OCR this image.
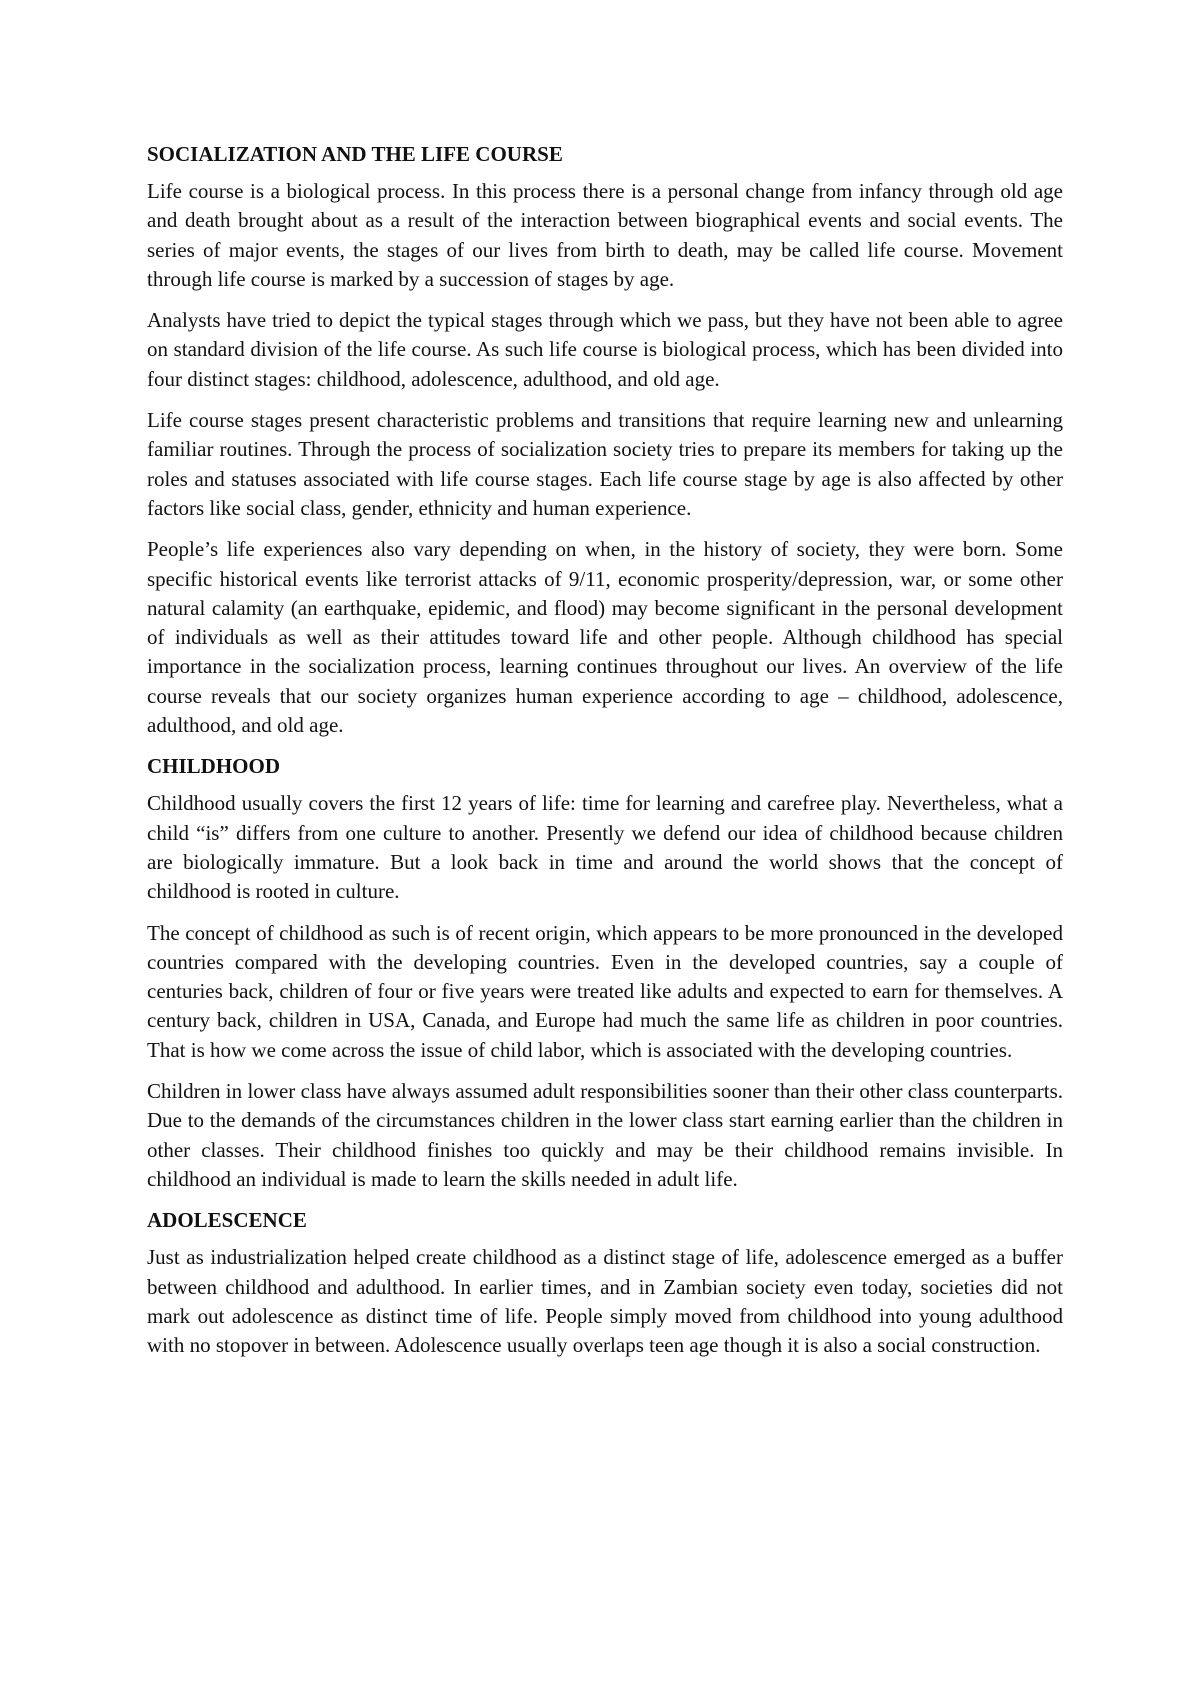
SOCIALIZATION AND THE LIFE COURSE

Life course is a biological process. In this process there is a personal change from infancy through old age and death brought about as a result of the interaction between biographical events and social events. The series of major events, the stages of our lives from birth to death, may be called life course. Movement through life course is marked by a succession of stages by age.

Analysts have tried to depict the typical stages through which we pass, but they have not been able to agree on standard division of the life course. As such life course is biological process, which has been divided into four distinct stages: childhood, adolescence, adulthood, and old age.

Life course stages present characteristic problems and transitions that require learning new and unlearning familiar routines. Through the process of socialization society tries to prepare its members for taking up the roles and statuses associated with life course stages. Each life course stage by age is also affected by other factors like social class, gender, ethnicity and human experience.

People’s life experiences also vary depending on when, in the history of society, they were born. Some specific historical events like terrorist attacks of 9/11, economic prosperity/depression, war, or some other natural calamity (an earthquake, epidemic, and flood) may become significant in the personal development of individuals as well as their attitudes toward life and other people. Although childhood has special importance in the socialization process, learning continues throughout our lives. An overview of the life course reveals that our society organizes human experience according to age – childhood, adolescence, adulthood, and old age.

CHILDHOOD

Childhood usually covers the first 12 years of life: time for learning and carefree play. Nevertheless, what a child “is” differs from one culture to another. Presently we defend our idea of childhood because children are biologically immature. But a look back in time and around the world shows that the concept of childhood is rooted in culture.

The concept of childhood as such is of recent origin, which appears to be more pronounced in the developed countries compared with the developing countries. Even in the developed countries, say a couple of centuries back, children of four or five years were treated like adults and expected to earn for themselves. A century back, children in USA, Canada, and Europe had much the same life as children in poor countries. That is how we come across the issue of child labor, which is associated with the developing countries.

Children in lower class have always assumed adult responsibilities sooner than their other class counterparts. Due to the demands of the circumstances children in the lower class start earning earlier than the children in other classes. Their childhood finishes too quickly and may be their childhood remains invisible. In childhood an individual is made to learn the skills needed in adult life.

ADOLESCENCE

Just as industrialization helped create childhood as a distinct stage of life, adolescence emerged as a buffer between childhood and adulthood. In earlier times, and in Zambian society even today, societies did not mark out adolescence as distinct time of life. People simply moved from childhood into young adulthood with no stopover in between. Adolescence usually overlaps teen age though it is also a social construction.
